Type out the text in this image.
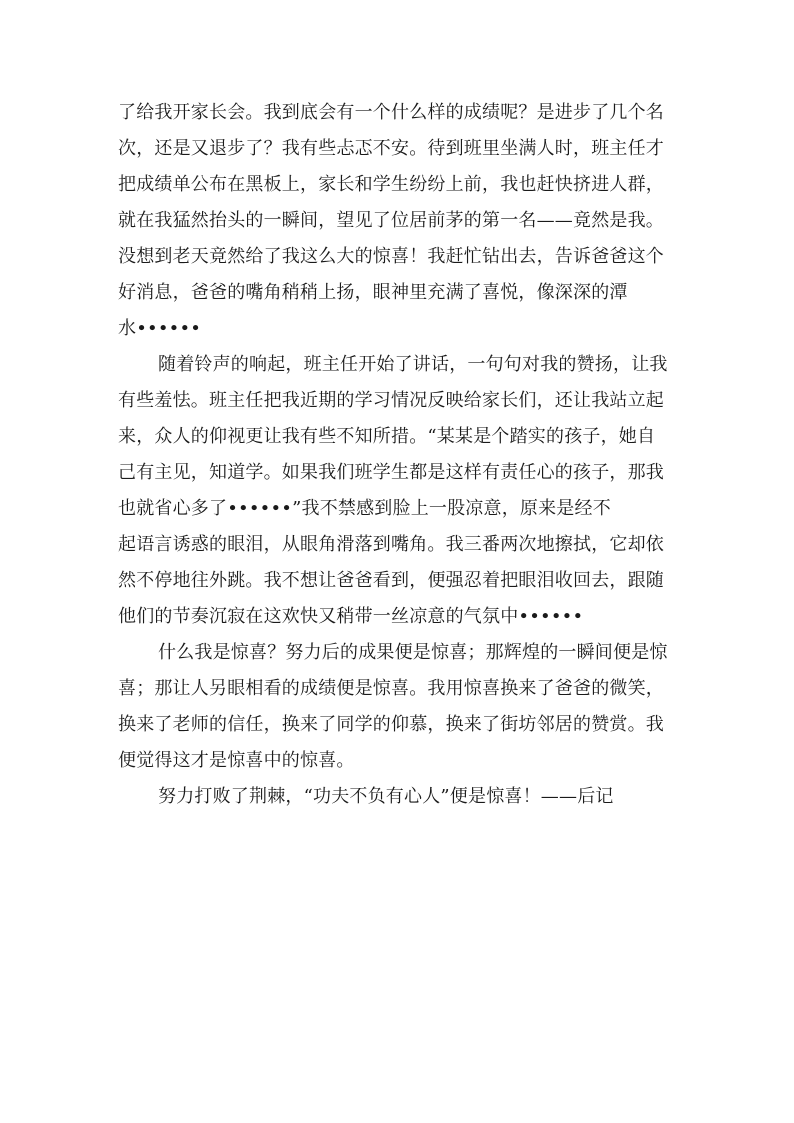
了给我开家长会。我到底会有一个什么样的成绩呢？是进步了几个名
次，还是又退步了？我有些忐忑不安。待到班里坐满人时，班主任才
把成绩单公布在黑板上，家长和学生纷纷上前，我也赶快挤进人群，
就在我猛然抬头的一瞬间，望见了位居前茅的第一名——竟然是我。
没想到老天竟然给了我这么大的惊喜！我赶忙钻出去，告诉爸爸这个
好消息，爸爸的嘴角稍稍上扬，眼神里充满了喜悦，像深深的潭
水••••••
随着铃声的响起，班主任开始了讲话，一句句对我的赞扬，让我
有些羞怯。班主任把我近期的学习情况反映给家长们，还让我站立起
来，众人的仰视更让我有些不知所措。“某某是个踏实的孩子，她自
己有主见，知道学。如果我们班学生都是这样有责任心的孩子，那我
也就省心多了••••••”我不禁感到脸上一股凉意，原来是经不
起语言诱惑的眼泪，从眼角滑落到嘴角。我三番两次地擦拭，它却依
然不停地往外跳。我不想让爸爸看到，便强忍着把眼泪收回去，跟随
他们的节奏沉寂在这欢快又稍带一丝凉意的气氛中••••••
什么我是惊喜？努力后的成果便是惊喜；那辉煌的一瞬间便是惊
喜；那让人另眼相看的成绩便是惊喜。我用惊喜换来了爸爸的微笑，
换来了老师的信任，换来了同学的仰慕，换来了街坊邻居的赞赏。我
便觉得这才是惊喜中的惊喜。
努力打败了荆棘，“功夫不负有心人”便是惊喜！——后记
